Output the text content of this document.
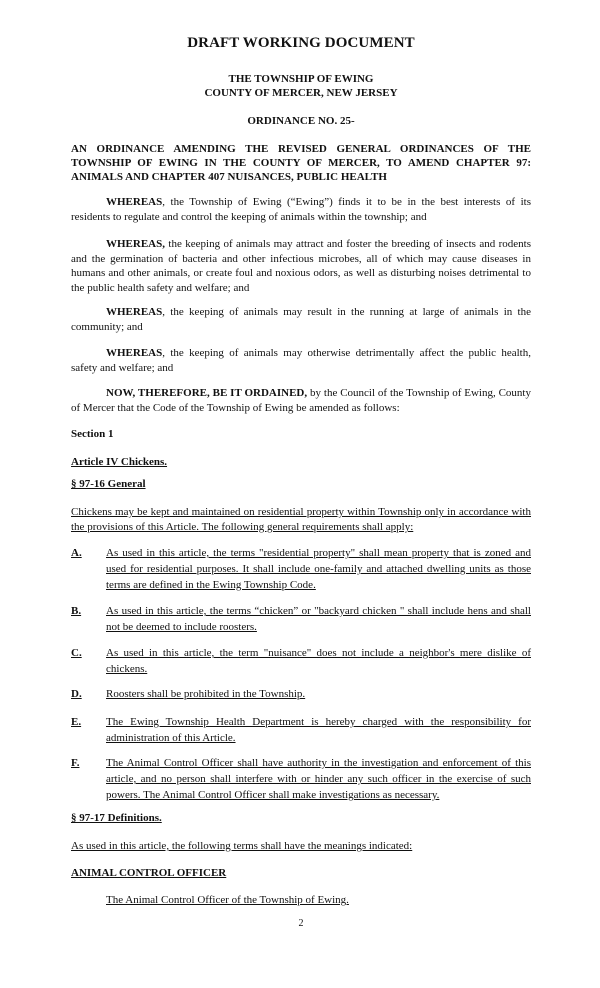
DRAFT WORKING DOCUMENT
THE TOWNSHIP OF EWING
COUNTY OF MERCER, NEW JERSEY
ORDINANCE NO. 25-

AN ORDINANCE AMENDING THE REVISED GENERAL ORDINANCES OF THE TOWNSHIP OF EWING IN THE COUNTY OF MERCER, TO AMEND CHAPTER 97: ANIMALS AND CHAPTER 407 NUISANCES, PUBLIC HEALTH

WHEREAS, the Township of Ewing (“Ewing”) finds it to be in the best interests of its residents to regulate and control the keeping of animals within the township; and

WHEREAS, the keeping of animals may attract and foster the breeding of insects and rodents and the germination of bacteria and other infectious microbes, all of which may cause diseases in humans and other animals, or create foul and noxious odors, as well as disturbing noises detrimental to the public health safety and welfare; and

WHEREAS, the keeping of animals may result in the running at large of animals in the community; and

WHEREAS, the keeping of animals may otherwise detrimentally affect the public health, safety and welfare; and

NOW, THEREFORE, BE IT ORDAINED, by the Council of the Township of Ewing, County of Mercer that the Code of the Township of Ewing be amended as follows:

Section 1

Article IV Chickens.

§ 97-16 General

Chickens may be kept and maintained on residential property within Township only in accordance with the provisions of this Article. The following general requirements shall apply:

A. As used in this article, the terms "residential property" shall mean property that is zoned and used for residential purposes. It shall include one-family and attached dwelling units as those terms are defined in the Ewing Township Code.
B. As used in this article, the terms “chicken” or "backyard chicken " shall include hens and shall not be deemed to include roosters.
C. As used in this article, the term "nuisance" does not include a neighbor's mere dislike of chickens.
D. Roosters shall be prohibited in the Township.
E. The Ewing Township Health Department is hereby charged with the responsibility for administration of this Article.
F. The Animal Control Officer shall have authority in the investigation and enforcement of this article, and no person shall interfere with or hinder any such officer in the exercise of such powers. The Animal Control Officer shall make investigations as necessary.

§ 97-17 Definitions.

As used in this article, the following terms shall have the meanings indicated:

ANIMAL CONTROL OFFICER

The Animal Control Officer of the Township of Ewing.
2
